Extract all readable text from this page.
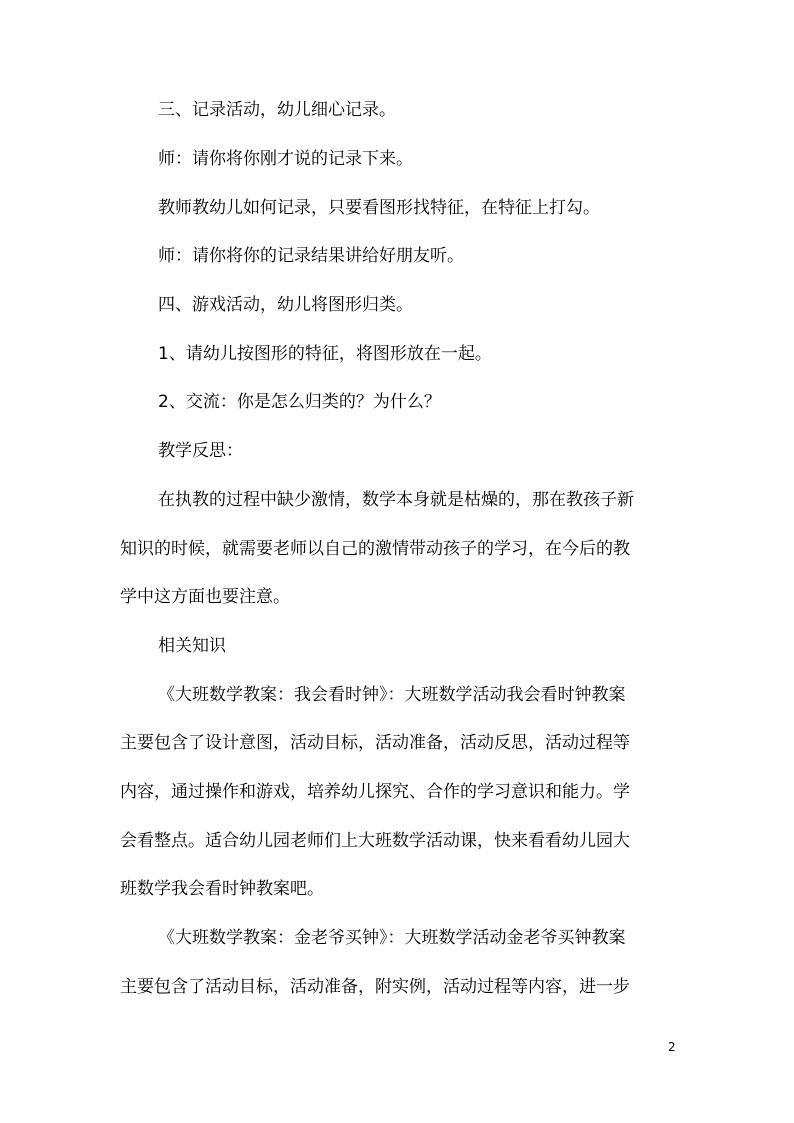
三、记录活动，幼儿细心记录。
师：请你将你刚才说的记录下来。
教师教幼儿如何记录，只要看图形找特征，在特征上打勾。
师：请你将你的记录结果讲给好朋友听。
四、游戏活动，幼儿将图形归类。
1、请幼儿按图形的特征，将图形放在一起。
2、交流：你是怎么归类的？为什么？
教学反思：
在执教的过程中缺少激情，数学本身就是枯燥的，那在教孩子新
知识的时候，就需要老师以自己的激情带动孩子的学习，在今后的教
学中这方面也要注意。
相关知识
《大班数学教案：我会看时钟》：大班数学活动我会看时钟教案
主要包含了设计意图，活动目标，活动准备，活动反思，活动过程等
内容，通过操作和游戏，培养幼儿探究、合作的学习意识和能力。学
会看整点。适合幼儿园老师们上大班数学活动课，快来看看幼儿园大
班数学我会看时钟教案吧。
《大班数学教案：金老爷买钟》：大班数学活动金老爷买钟教案
主要包含了活动目标，活动准备，附实例，活动过程等内容，进一步
2
